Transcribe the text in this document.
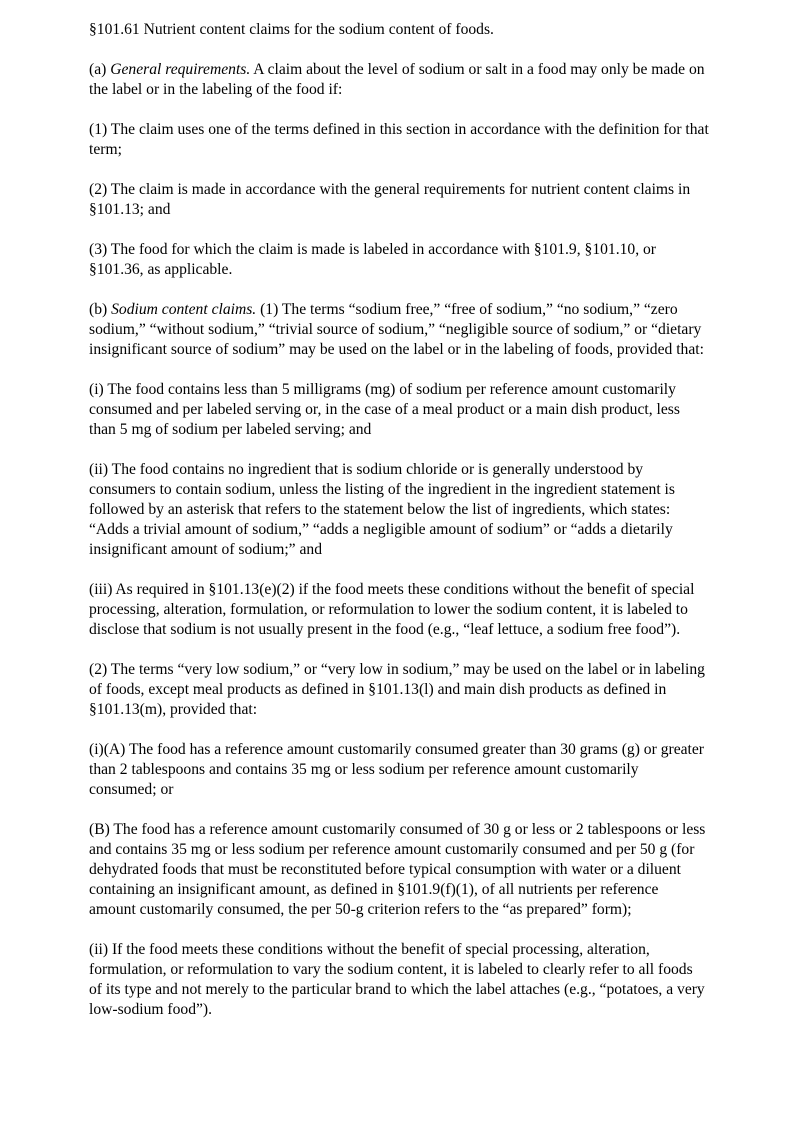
§101.61 Nutrient content claims for the sodium content of foods.

(a) General requirements. A claim about the level of sodium or salt in a food may only be made on the label or in the labeling of the food if:

(1) The claim uses one of the terms defined in this section in accordance with the definition for that term;

(2) The claim is made in accordance with the general requirements for nutrient content claims in §101.13; and

(3) The food for which the claim is made is labeled in accordance with §101.9, §101.10, or §101.36, as applicable.

(b) Sodium content claims. (1) The terms “sodium free,” “free of sodium,” “no sodium,” “zero sodium,” “without sodium,” “trivial source of sodium,” “negligible source of sodium,” or “dietary insignificant source of sodium” may be used on the label or in the labeling of foods, provided that:

(i) The food contains less than 5 milligrams (mg) of sodium per reference amount customarily consumed and per labeled serving or, in the case of a meal product or a main dish product, less than 5 mg of sodium per labeled serving; and

(ii) The food contains no ingredient that is sodium chloride or is generally understood by consumers to contain sodium, unless the listing of the ingredient in the ingredient statement is followed by an asterisk that refers to the statement below the list of ingredients, which states: “Adds a trivial amount of sodium,” “adds a negligible amount of sodium” or “adds a dietarily insignificant amount of sodium;” and

(iii) As required in §101.13(e)(2) if the food meets these conditions without the benefit of special processing, alteration, formulation, or reformulation to lower the sodium content, it is labeled to disclose that sodium is not usually present in the food (e.g., “leaf lettuce, a sodium free food”).

(2) The terms “very low sodium,” or “very low in sodium,” may be used on the label or in labeling of foods, except meal products as defined in §101.13(l) and main dish products as defined in §101.13(m), provided that:

(i)(A) The food has a reference amount customarily consumed greater than 30 grams (g) or greater than 2 tablespoons and contains 35 mg or less sodium per reference amount customarily consumed; or

(B) The food has a reference amount customarily consumed of 30 g or less or 2 tablespoons or less and contains 35 mg or less sodium per reference amount customarily consumed and per 50 g (for dehydrated foods that must be reconstituted before typical consumption with water or a diluent containing an insignificant amount, as defined in §101.9(f)(1), of all nutrients per reference amount customarily consumed, the per 50-g criterion refers to the “as prepared” form);

(ii) If the food meets these conditions without the benefit of special processing, alteration, formulation, or reformulation to vary the sodium content, it is labeled to clearly refer to all foods of its type and not merely to the particular brand to which the label attaches (e.g., “potatoes, a very low-sodium food”).
